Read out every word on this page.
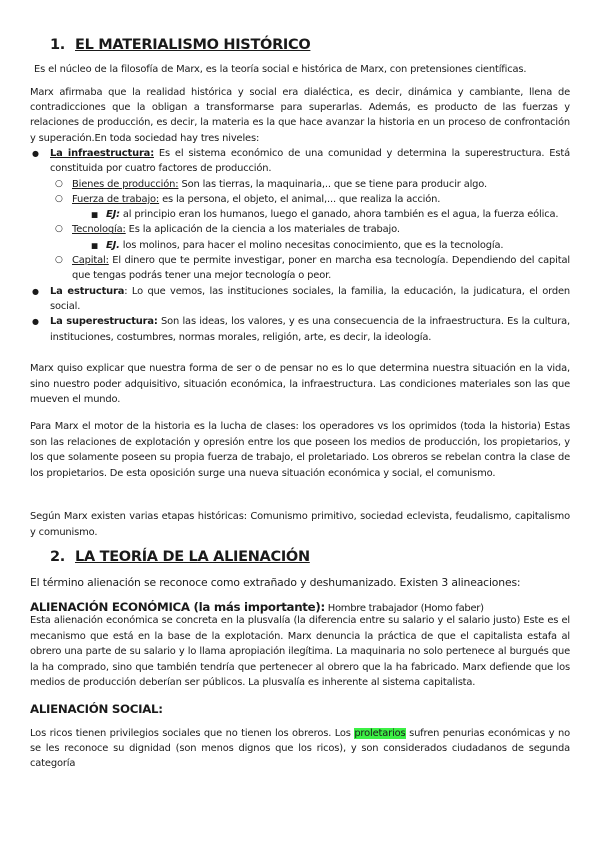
1. EL MATERIALISMO HISTÓRICO
Es el núcleo de la filosofía de Marx, es la teoría social e histórica de Marx, con pretensiones científicas.
Marx afirmaba que la realidad histórica y social era dialéctica, es decir, dinámica y cambiante, llena de contradicciones que la obligan a transformarse para superarlas. Además, es producto de las fuerzas y relaciones de producción, es decir, la materia es la que hace avanzar la historia en un proceso de confrontación y superación.En toda sociedad hay tres niveles:
● La infraestructura: Es el sistema económico de una comunidad y determina la superestructura. Está constituida por cuatro factores de producción.
○ Bienes de producción: Son las tierras, la maquinaria,.. que se tiene para producir algo.
○ Fuerza de trabajo: es la persona, el objeto, el animal,... que realiza la acción.
■ EJ: al principio eran los humanos, luego el ganado, ahora también es el agua, la fuerza eólica.
○ Tecnología: Es la aplicación de la ciencia a los materiales de trabajo.
■ EJ. los molinos, para hacer el molino necesitas conocimiento, que es la tecnología.
○ Capital: El dinero que te permite investigar, poner en marcha esa tecnología. Dependiendo del capital que tengas podrás tener una mejor tecnología o peor.
● La estructura: Lo que vemos, las instituciones sociales, la familia, la educación, la judicatura, el orden social.
● La superestructura: Son las ideas, los valores, y es una consecuencia de la infraestructura. Es la cultura, instituciones, costumbres, normas morales, religión, arte, es decir, la ideología.
Marx quiso explicar que nuestra forma de ser o de pensar no es lo que determina nuestra situación en la vida, sino nuestro poder adquisitivo, situación económica, la infraestructura. Las condiciones materiales son las que mueven el mundo.
Para Marx el motor de la historia es la lucha de clases: los operadores vs los oprimidos (toda la historia) Estas son las relaciones de explotación y opresión entre los que poseen los medios de producción, los propietarios, y los que solamente poseen su propia fuerza de trabajo, el proletariado. Los obreros se rebelan contra la clase de los propietarios. De esta oposición surge una nueva situación económica y social, el comunismo.
Según Marx existen varias etapas históricas: Comunismo primitivo, sociedad eclevista, feudalismo, capitalismo y comunismo.
2. LA TEORÍA DE LA ALIENACIÓN
El término alienación se reconoce como extrañado y deshumanizado. Existen 3 alineaciones:
ALIENACIÓN ECONÓMICA (la más importante): Hombre trabajador (Homo faber)
Esta alienación económica se concreta en la plusvalía (la diferencia entre su salario y el salario justo) Este es el mecanismo que está en la base de la explotación. Marx denuncia la práctica de que el capitalista estafa al obrero una parte de su salario y lo llama apropiación ilegítima. La maquinaria no solo pertenece al burgués que la ha comprado, sino que también tendría que pertenecer al obrero que la ha fabricado. Marx defiende que los medios de producción deberían ser públicos. La plusvalía es inherente al sistema capitalista.
ALIENACIÓN SOCIAL:
Los ricos tienen privilegios sociales que no tienen los obreros. Los proletarios sufren penurias económicas y no se les reconoce su dignidad (son menos dignos que los ricos), y son considerados ciudadanos de segunda categoría
